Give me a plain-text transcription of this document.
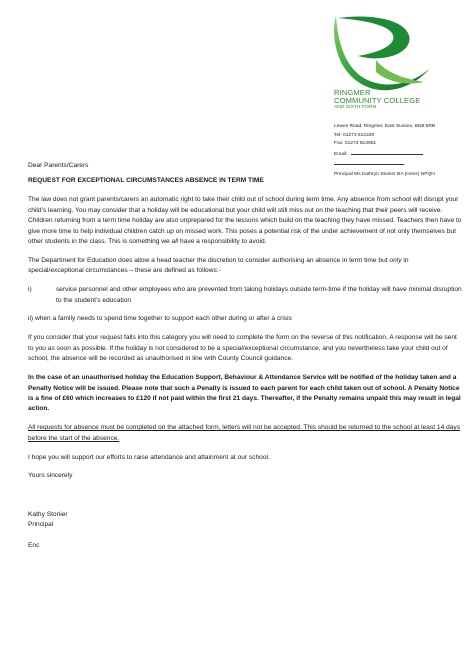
RINGMER
COMMUNITY COLLEGE
AND SIXTH FORM
Lewes Road, Ringmer, East Sussex, BN8 5RB
Tel: 01273 812220
Fax: 01273 813961
Email:
Principal Ms Kathryn Stonier BA (Hons) NPQH

Dear Parents/Carers

REQUEST FOR EXCEPTIONAL CIRCUMSTANCES ABSENCE IN TERM TIME

The law does not grant parents/carers an automatic right to take their child out of school during term time. Any absence from school will disrupt your child’s learning. You may consider that a holiday will be educational but your child will still miss out on the teaching that their peers will receive. Children returning from a term time holiday are also unprepared for the lessons which build on the teaching they have missed. Teachers then have to give more time to help individual children catch up on missed work. This poses a potential risk of the under achievement of not only themselves but other students in the class. This is something we all have a responsibility to avoid.

The Department for Education does allow a head teacher the discretion to consider authorising an absence in term time but only in special/exceptional circumstances – these are defined as follows:-

i)	service personnel and other employees who are prevented from taking holidays outside term-time if the holiday will have minimal disruption to the student’s education

ii) when a family needs to spend time together to support each other during or after a crisis

If you consider that your request falls into this category you will need to complete the form on the reverse of this notification. A response will be sent to you as soon as possible. If the holiday is not considered to be a special/exceptional circumstance, and you nevertheless take your child out of school, the absence will be recorded as unauthorised in line with County Council guidance.

In the case of an unauthorised holiday the Education Support, Behaviour & Attendance Service will be notified of the holiday taken and a Penalty Notice will be issued. Please note that such a Penalty is issued to each parent for each child taken out of school. A Penalty Notice is a fine of £60 which increases to £120 if not paid within the first 21 days. Thereafter, if the Penalty remains unpaid this may result in legal action.

All requests for absence must be completed on the attached form, letters will not be accepted. This should be returned to the school at least 14 days before the start of the absence.

I hope you will support our efforts to raise attendance and attainment at our school.

Yours sincerely

Kathy Stonier

Principal

Enc
